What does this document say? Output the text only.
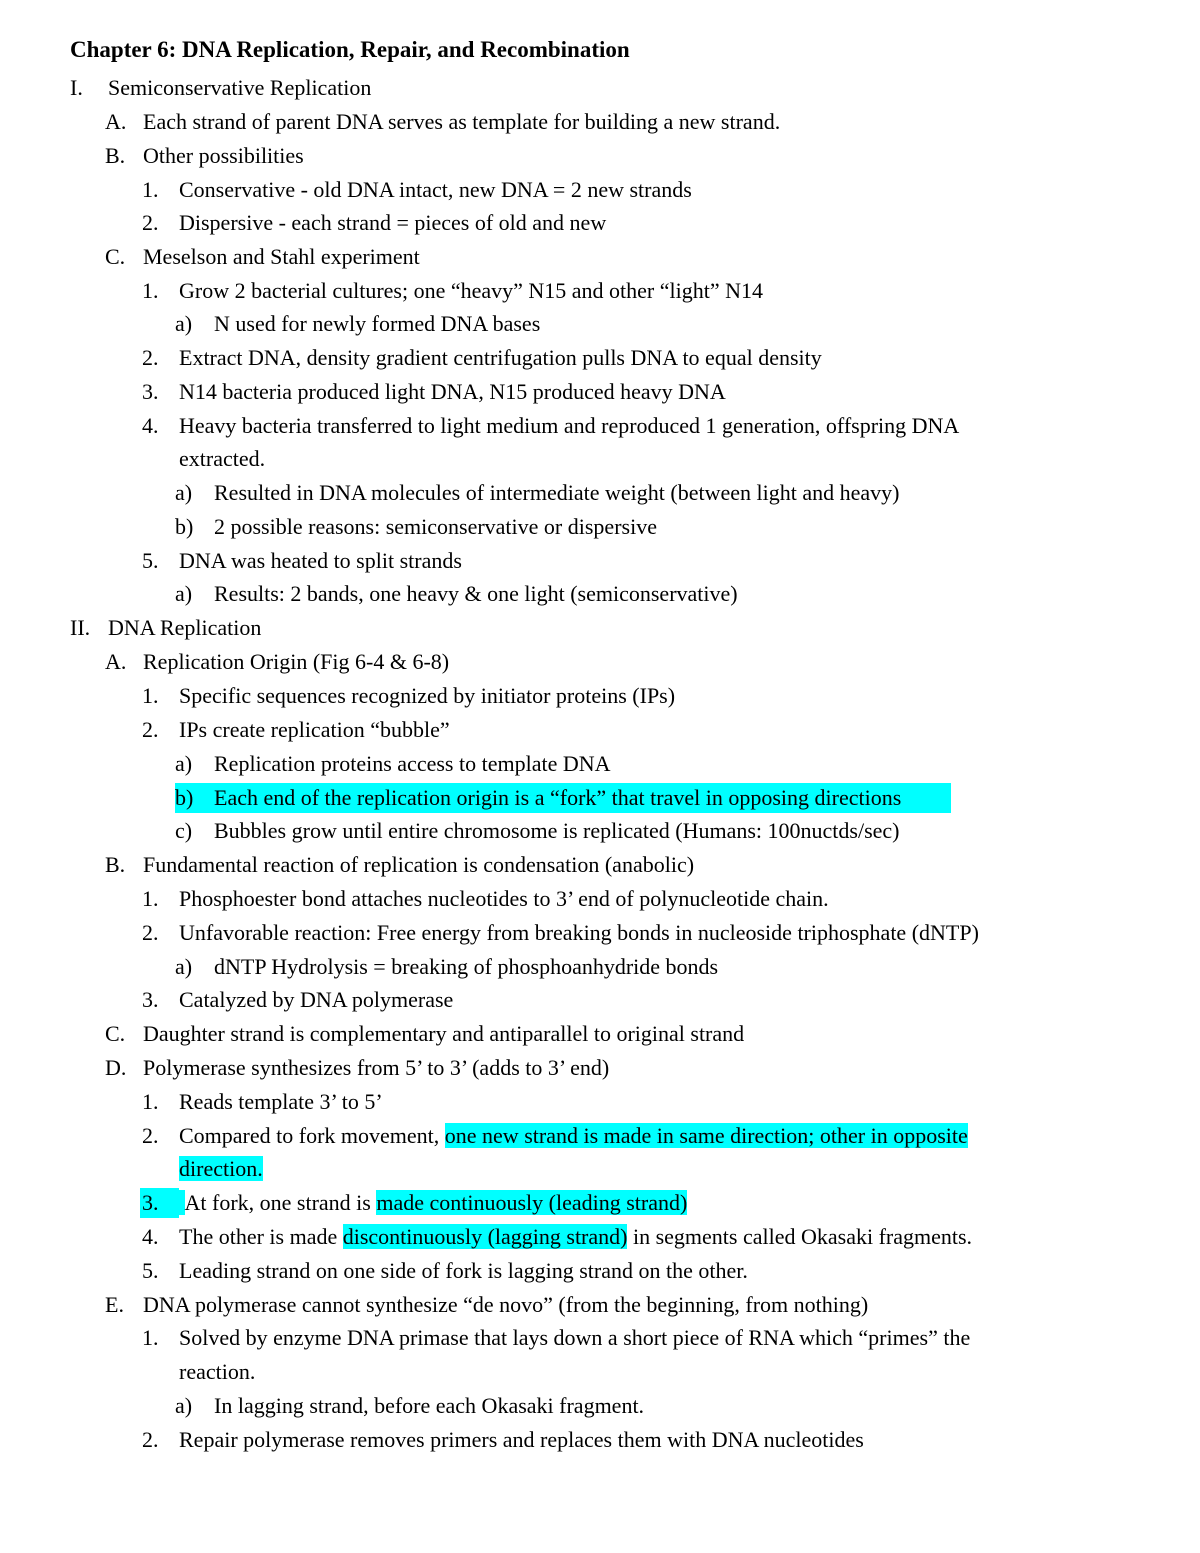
Chapter 6: DNA Replication, Repair, and Recombination
I. Semiconservative Replication
A. Each strand of parent DNA serves as template for building a new strand.
B. Other possibilities
1. Conservative - old DNA intact, new DNA = 2 new strands
2. Dispersive - each strand = pieces of old and new
C. Meselson and Stahl experiment
1. Grow 2 bacterial cultures; one “heavy” N15 and other “light” N14
a) N used for newly formed DNA bases
2. Extract DNA, density gradient centrifugation pulls DNA to equal density
3. N14 bacteria produced light DNA, N15 produced heavy DNA
4. Heavy bacteria transferred to light medium and reproduced 1 generation, offspring DNA
extracted.
a) Resulted in DNA molecules of intermediate weight (between light and heavy)
b) 2 possible reasons: semiconservative or dispersive
5. DNA was heated to split strands
a) Results: 2 bands, one heavy & one light (semiconservative)
II. DNA Replication
A. Replication Origin (Fig 6-4 & 6-8)
1. Specific sequences recognized by initiator proteins (IPs)
2. IPs create replication “bubble”
a) Replication proteins access to template DNA
b) Each end of the replication origin is a “fork” that travel in opposing directions
c) Bubbles grow until entire chromosome is replicated (Humans: 100nuctds/sec)
B. Fundamental reaction of replication is condensation (anabolic)
1. Phosphoester bond attaches nucleotides to 3’ end of polynucleotide chain.
2. Unfavorable reaction: Free energy from breaking bonds in nucleoside triphosphate (dNTP)
a) dNTP Hydrolysis = breaking of phosphoanhydride bonds
3. Catalyzed by DNA polymerase
C. Daughter strand is complementary and antiparallel to original strand
D. Polymerase synthesizes from 5’ to 3’ (adds to 3’ end)
1. Reads template 3’ to 5’
2. Compared to fork movement, one new strand is made in same direction; other in opposite
direction.
3. At fork, one strand is made continuously (leading strand)
4. The other is made discontinuously (lagging strand) in segments called Okasaki fragments.
5. Leading strand on one side of fork is lagging strand on the other.
E. DNA polymerase cannot synthesize “de novo” (from the beginning, from nothing)
1. Solved by enzyme DNA primase that lays down a short piece of RNA which “primes” the
reaction.
a) In lagging strand, before each Okasaki fragment.
2. Repair polymerase removes primers and replaces them with DNA nucleotides
